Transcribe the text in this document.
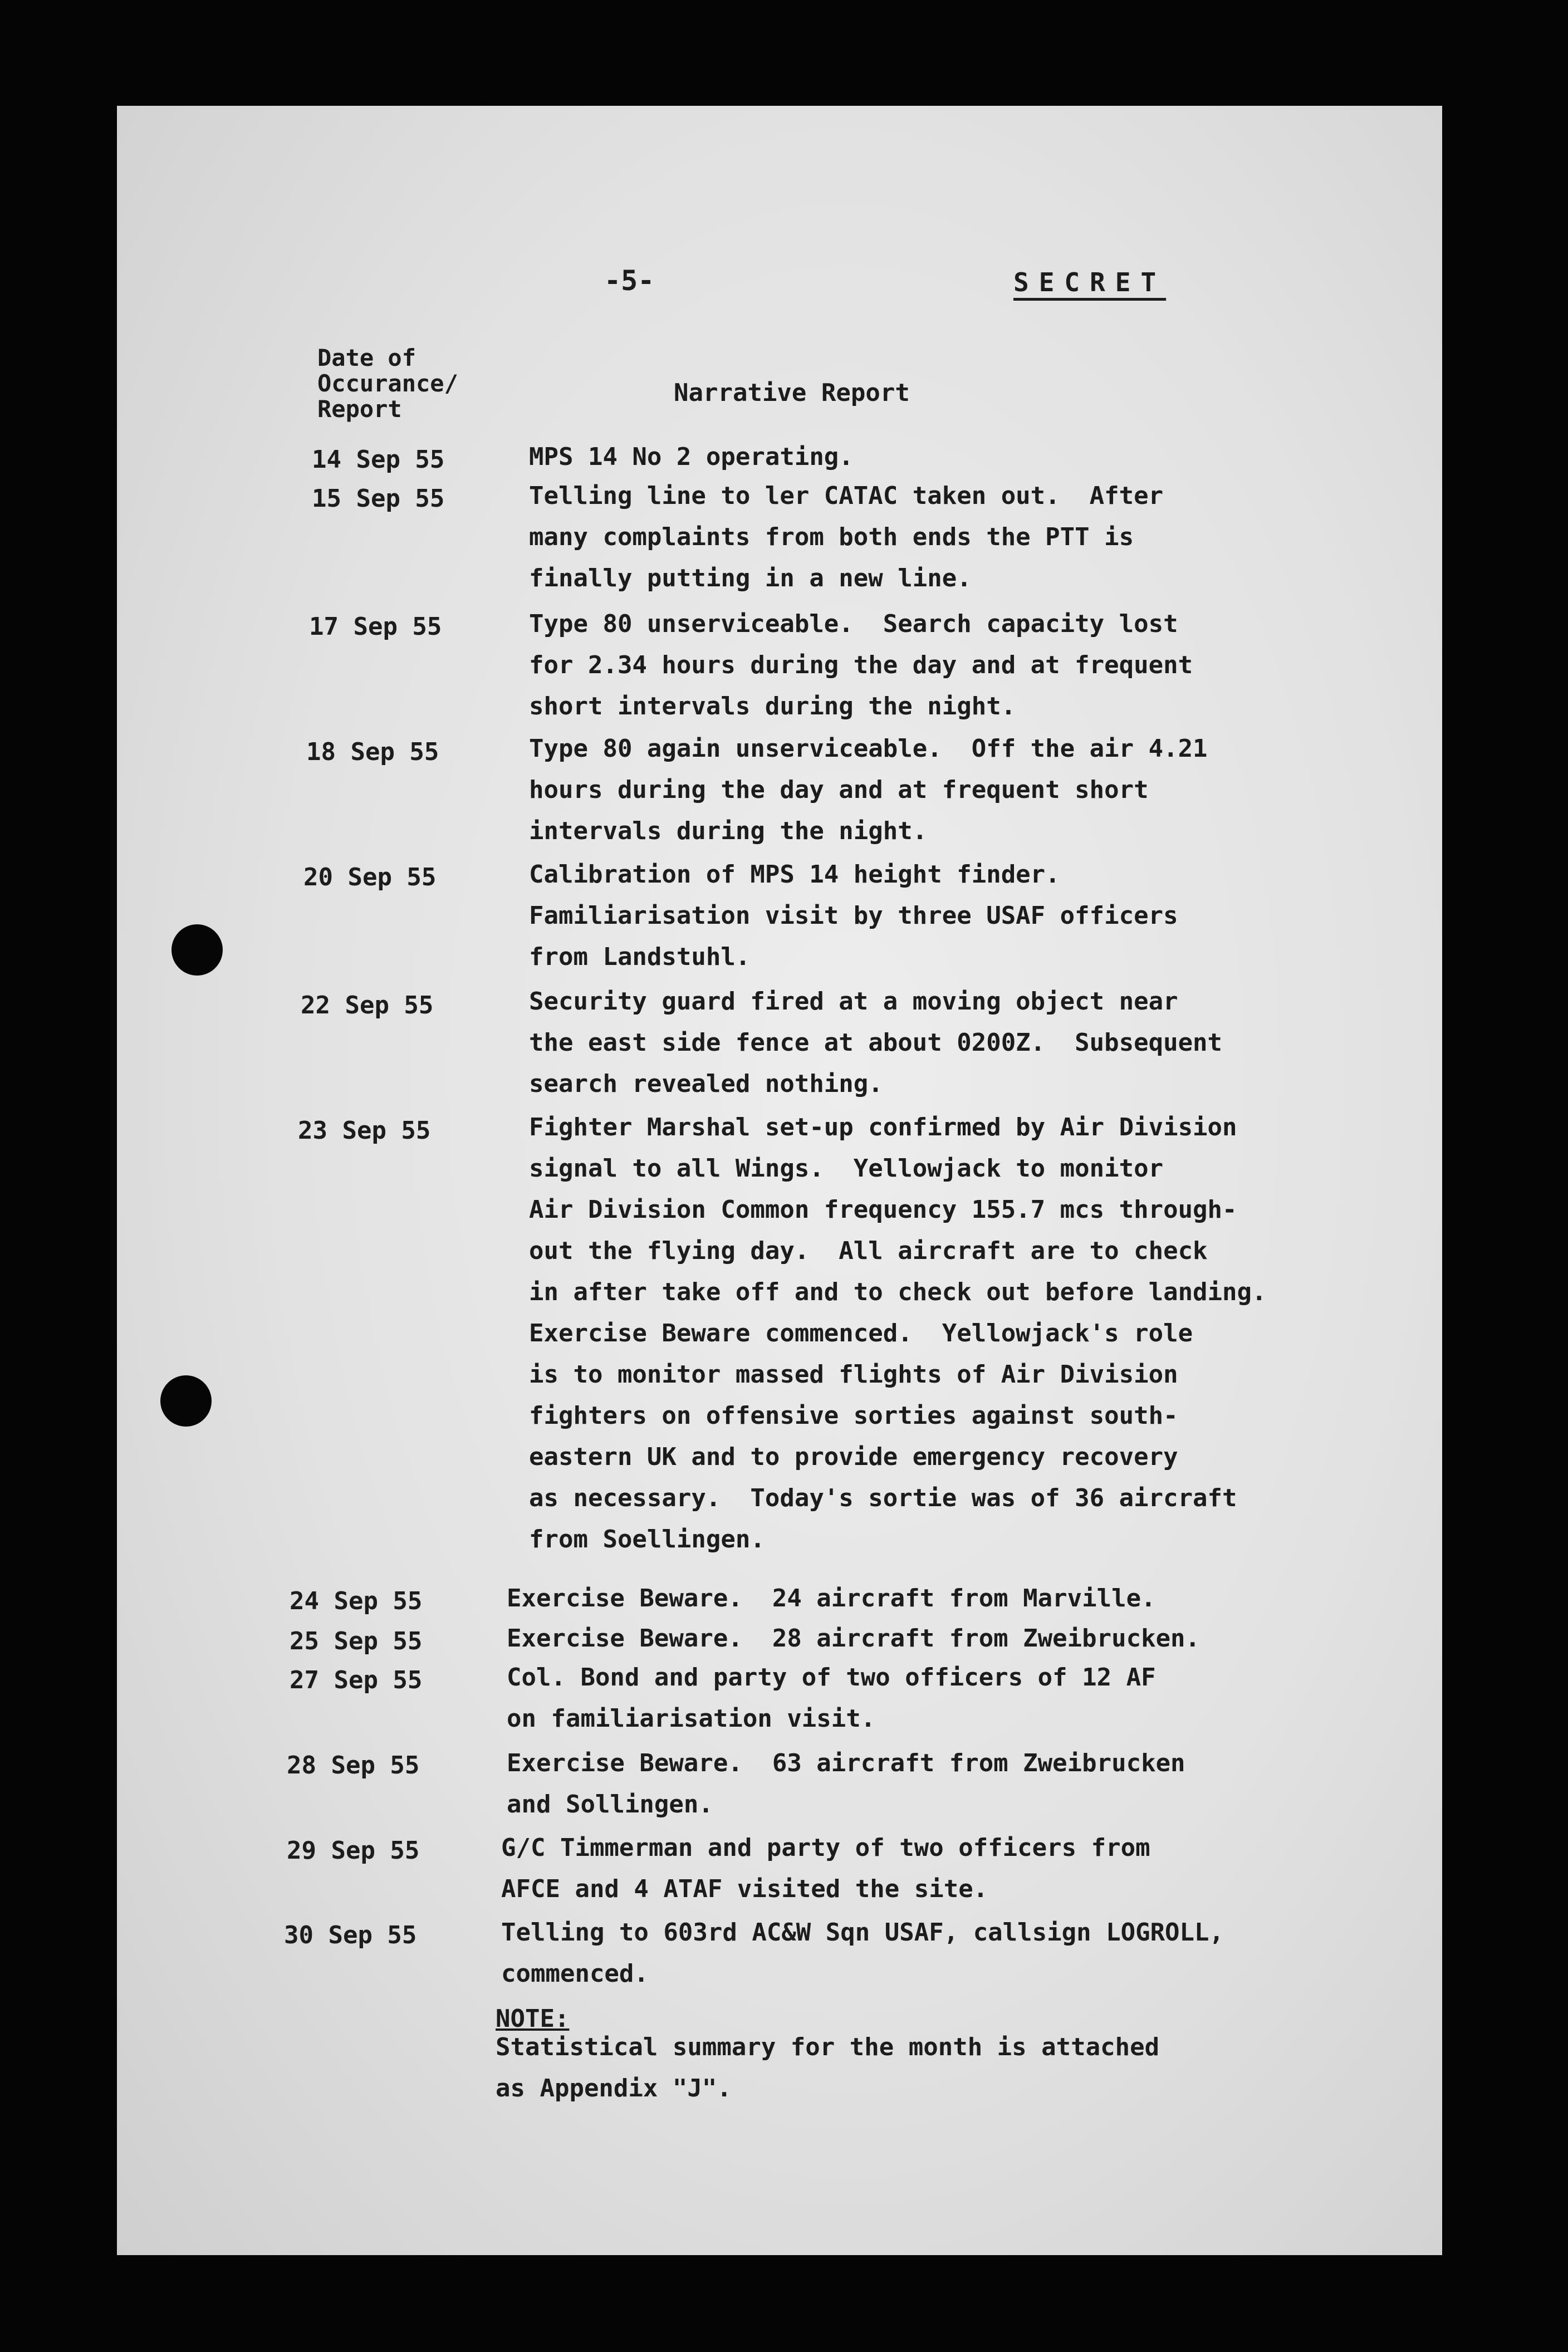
-5-	SECRET
Date of
Occurance/
Report
Narrative Report
14 Sep 55	MPS 14 No 2 operating.
15 Sep 55	Telling line to ler CATAC taken out.  After
many complaints from both ends the PTT is
finally putting in a new line.
17 Sep 55	Type 80 unserviceable.  Search capacity lost
for 2.34 hours during the day and at frequent
short intervals during the night.
18 Sep 55	Type 80 again unserviceable.  Off the air 4.21
hours during the day and at frequent short
intervals during the night.
20 Sep 55	Calibration of MPS 14 height finder.
Familiarisation visit by three USAF officers
from Landstuhl.
22 Sep 55	Security guard fired at a moving object near
the east side fence at about 0200Z.  Subsequent
search revealed nothing.
23 Sep 55	Fighter Marshal set-up confirmed by Air Division
signal to all Wings.  Yellowjack to monitor
Air Division Common frequency 155.7 mcs through-
out the flying day.  All aircraft are to check
in after take off and to check out before landing.
Exercise Beware commenced.  Yellowjack's role
is to monitor massed flights of Air Division
fighters on offensive sorties against south-
eastern UK and to provide emergency recovery
as necessary.  Today's sortie was of 36 aircraft
from Soellingen.
24 Sep 55	Exercise Beware.  24 aircraft from Marville.
25 Sep 55	Exercise Beware.  28 aircraft from Zweibrucken.
27 Sep 55	Col. Bond and party of two officers of 12 AF
on familiarisation visit.
28 Sep 55	Exercise Beware.  63 aircraft from Zweibrucken
and Sollingen.
29 Sep 55	G/C Timmerman and party of two officers from
AFCE and 4 ATAF visited the site.
30 Sep 55	Telling to 603rd AC&W Sqn USAF, callsign LOGROLL,
commenced.
NOTE:
Statistical summary for the month is attached
as Appendix "J".
